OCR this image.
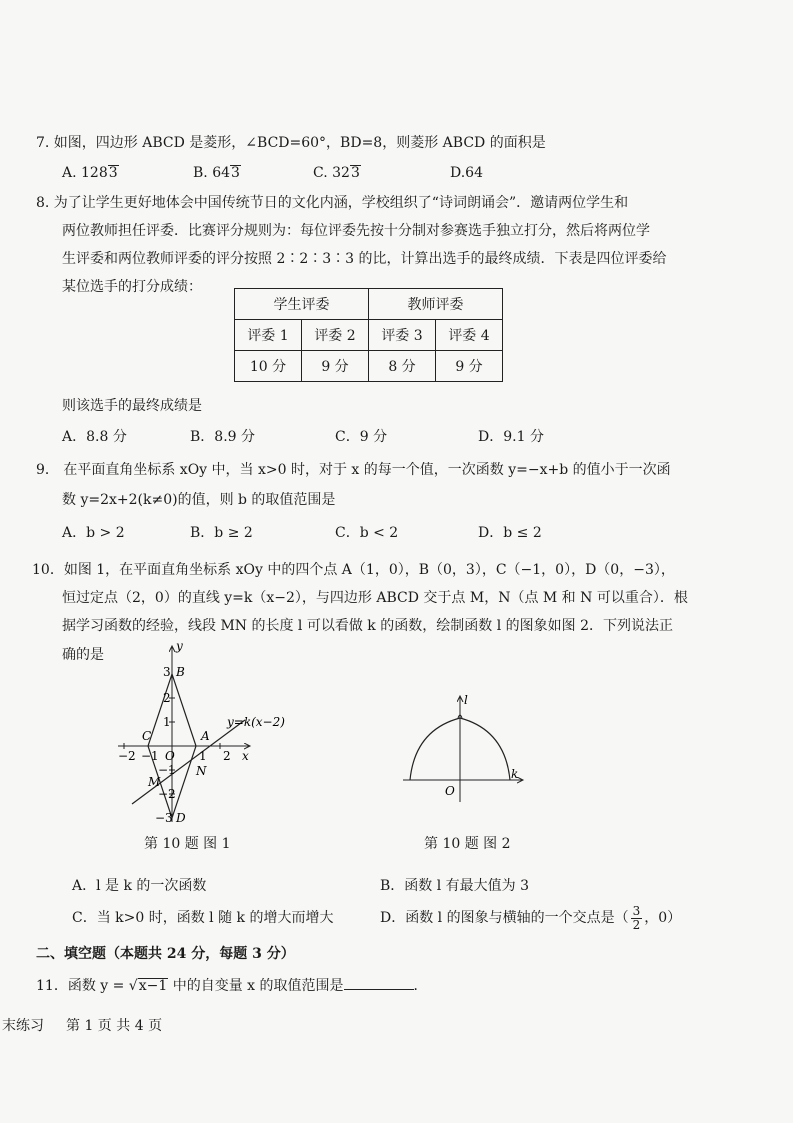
7. 如图，四边形 ABCD 是菱形，∠BCD=60°，BD=8，则菱形 ABCD 的面积是
A. 1283	B. 643	C. 323	D.64
8. 为了让学生更好地体会中国传统节日的文化内涵，学校组织了“诗词朗诵会”．邀请两位学生和
两位教师担任评委．比赛评分规则为：每位评委先按十分制对参赛选手独立打分，然后将两位学
生评委和两位教师评委的评分按照 2∶2∶3∶3 的比，计算出选手的最终成绩．下表是四位评委给
某位选手的打分成绩：
学生评委		教师评委	
评委 1	评委 2	评委 3	评委 4
10 分	9 分	8 分	9 分
则该选手的最终成绩是
A．8.8 分	B．8.9 分	C．9 分	D．9.1 分
9． 在平面直角坐标系 xOy 中，当 x>0 时，对于 x 的每一个值，一次函数 y=−x+b 的值小于一次函
数 y=2x+2(k≠0)的值，则 b 的取值范围是
A．b > 2	B．b ≥ 2	C．b < 2	D．b ≤ 2
10．如图 1，在平面直角坐标系 xOy 中的四个点 A（1，0），B（0，3），C（−1，0），D（0，−3），
恒过定点（2，0）的直线 y=k（x−2），与四边形 ABCD 交于点 M，N（点 M 和 N 可以重合）．根
据学习函数的经验，线段 MN 的长度 l 可以看做 k 的函数，绘制函数 l 的图象如图 2．下列说法正
确的是
y
x
3 B
2
1
−1
−2
−3 D
−2 −1	1 2
C	A
O
M
N
y=k(x−2)
第 10 题 图 1
l
k
O
第 10 题 图 2
A．l 是 k 的一次函数	B．函数 l 有最大值为 3
C．当 k>0 时，函数 l 随 k 的增大而增大	D．函数 l 的图象与横轴的一个交点是（ $\frac{3}{2}$ ，0）
二、填空题（本题共 24 分，每题 3 分）
11．函数 y = √x−1 中的自变量 x 的取值范围是	．
末练习 第 1 页 共 4 页
